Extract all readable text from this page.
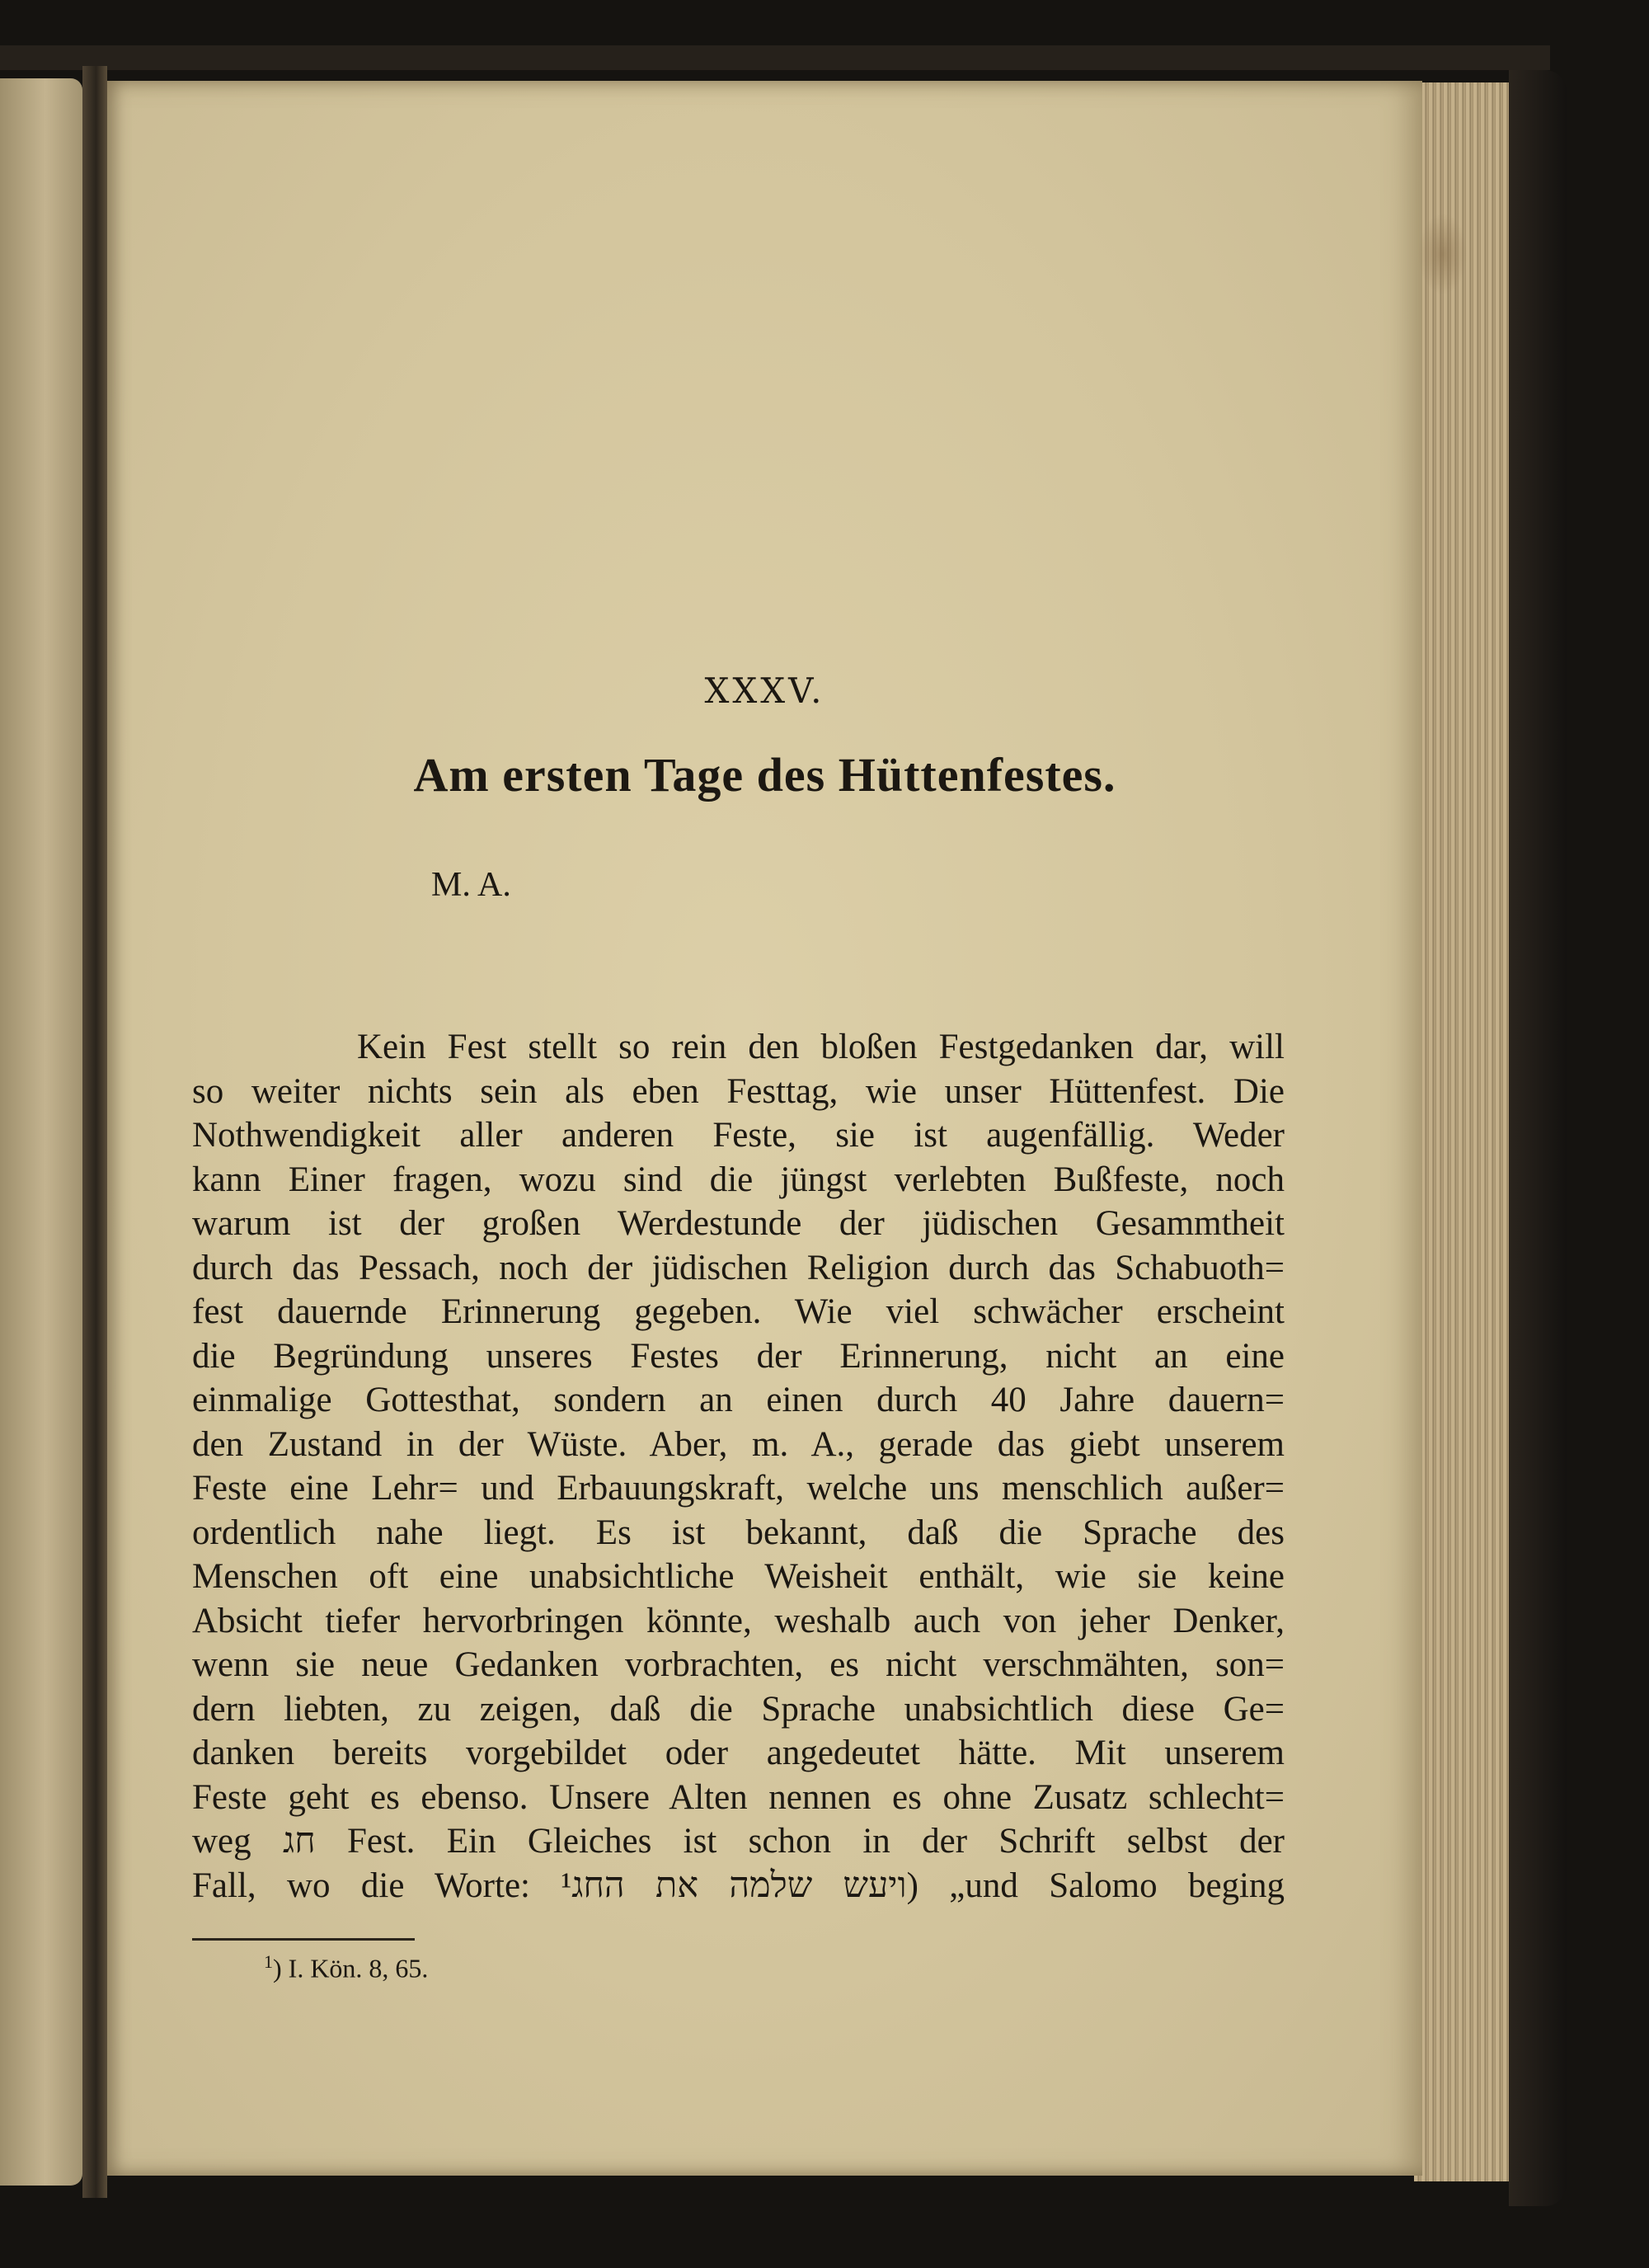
XXXV.
Am ersten Tage des Hüttenfestes.
M. A.
Kein Fest stellt so rein den bloßen Festgedanken dar, will
so weiter nichts sein als eben Festtag, wie unser Hüttenfest. Die
Nothwendigkeit aller anderen Feste, sie ist augenfällig. Weder
kann Einer fragen, wozu sind die jüngst verlebten Bußfeste, noch
warum ist der großen Werdestunde der jüdischen Gesammtheit
durch das Pessach, noch der jüdischen Religion durch das Schabuoth=
fest dauernde Erinnerung gegeben. Wie viel schwächer erscheint
die Begründung unseres Festes der Erinnerung, nicht an eine
einmalige Gottesthat, sondern an einen durch 40 Jahre dauern=
den Zustand in der Wüste. Aber, m. A., gerade das giebt unserem
Feste eine Lehr= und Erbauungskraft, welche uns menschlich außer=
ordentlich nahe liegt. Es ist bekannt, daß die Sprache des
Menschen oft eine unabsichtliche Weisheit enthält, wie sie keine
Absicht tiefer hervorbringen könnte, weshalb auch von jeher Denker,
wenn sie neue Gedanken vorbrachten, es nicht verschmähten, son=
dern liebten, zu zeigen, daß die Sprache unabsichtlich diese Ge=
danken bereits vorgebildet oder angedeutet hätte. Mit unserem
Feste geht es ebenso. Unsere Alten nennen es ohne Zusatz schlecht=
weg חג Fest. Ein Gleiches ist schon in der Schrift selbst der
Fall, wo die Worte: ויעש שלמה את החג¹) „und Salomo beging
$^1$) I. Kön. 8, 65.
